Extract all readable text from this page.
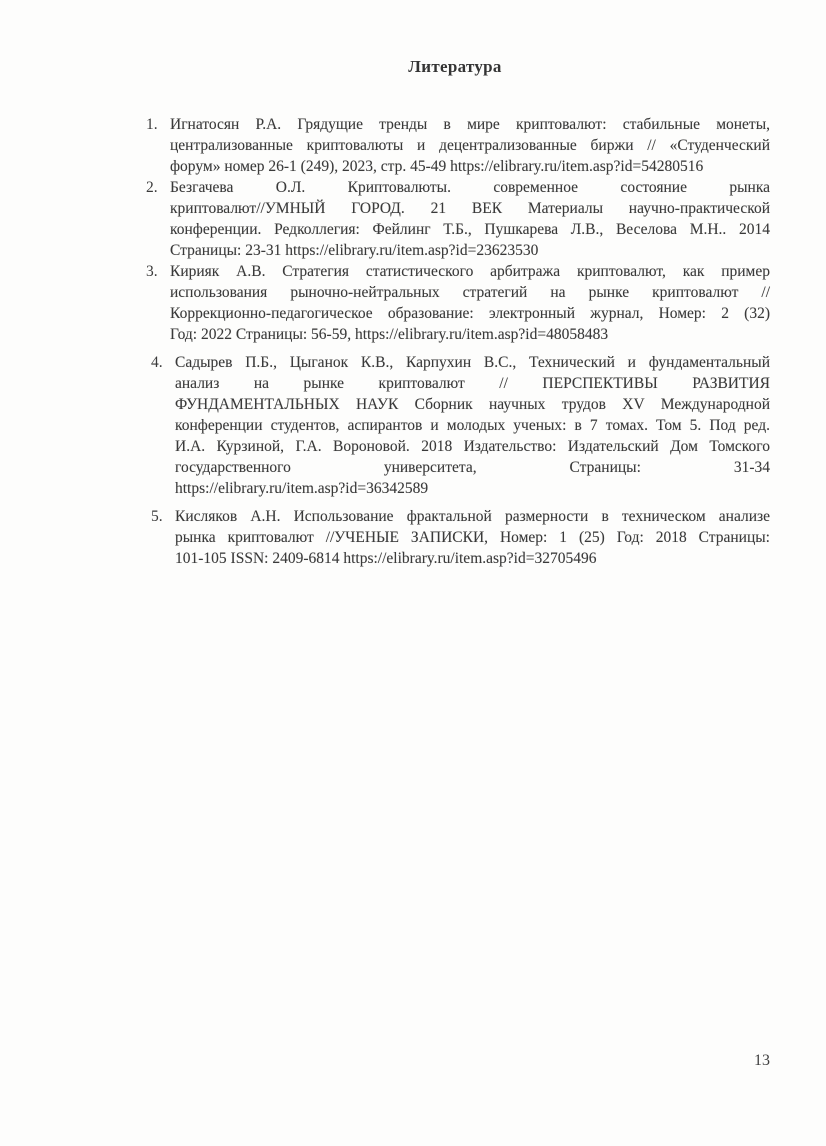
Литература
1. Игнатосян Р.А. Грядущие тренды в мире криптовалют: стабильные монеты,
централизованные криптовалюты и децентрализованные биржи // «Студенческий
форум» номер 26-1 (249), 2023, стр. 45-49 https://elibrary.ru/item.asp?id=54280516
2. Безгачева О.Л. Криптовалюты. современное состояние рынка
криптовалют//УМНЫЙ ГОРОД. 21 ВЕК Материалы научно-практической
конференции. Редколлегия: Фейлинг Т.Б., Пушкарева Л.В., Веселова М.Н.. 2014
Страницы: 23-31 https://elibrary.ru/item.asp?id=23623530
3. Кирияк А.В. Стратегия статистического арбитража криптовалют, как пример
использования рыночно-нейтральных стратегий на рынке криптовалют //
Коррекционно-педагогическое образование: электронный журнал, Номер: 2 (32)
Год: 2022 Страницы: 56-59, https://elibrary.ru/item.asp?id=48058483
4. Садырев П.Б., Цыганок К.В., Карпухин В.С., Технический и фундаментальный
анализ на рынке криптовалют // ПЕРСПЕКТИВЫ РАЗВИТИЯ
ФУНДАМЕНТАЛЬНЫХ НАУК Сборник научных трудов XV Международной
конференции студентов, аспирантов и молодых ученых: в 7 томах. Том 5. Под ред.
И.А. Курзиной, Г.А. Вороновой. 2018 Издательство: Издательский Дом Томского
государственного университета, Страницы: 31-34
https://elibrary.ru/item.asp?id=36342589
5. Кисляков А.Н. Использование фрактальной размерности в техническом анализе
рынка криптовалют //УЧЕНЫЕ ЗАПИСКИ, Номер: 1 (25) Год: 2018 Страницы:
101-105 ISSN: 2409-6814 https://elibrary.ru/item.asp?id=32705496
13
